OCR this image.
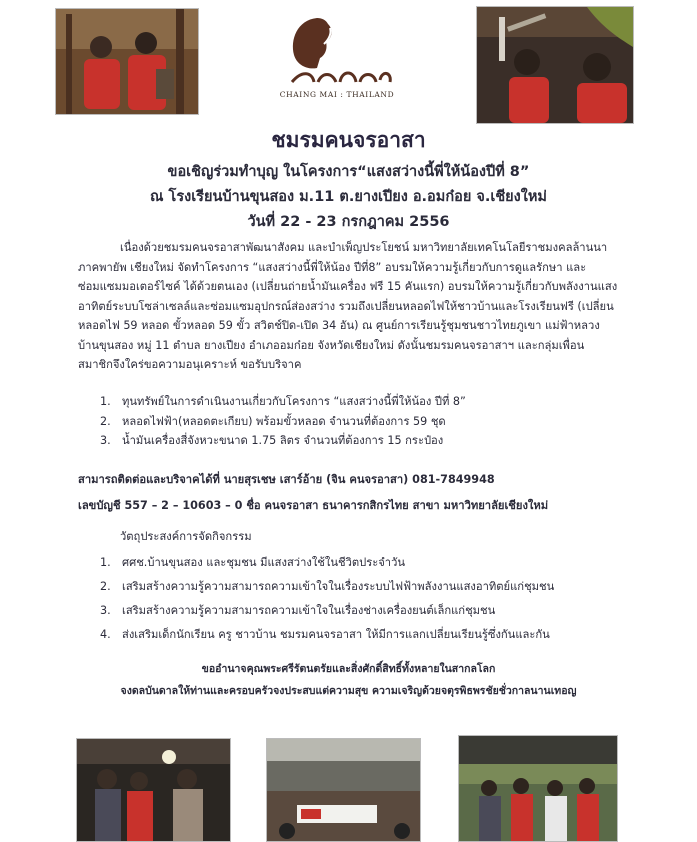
CHAING MAI : THAILAND
ชมรมคนจรอาสา
ขอเชิญร่วมทำบุญ ในโครงการ“แสงสว่างนี้พี่ให้น้องปีที่ 8”
ณ โรงเรียนบ้านขุนสอง ม.11 ต.ยางเปียง อ.อมก๋อย จ.เชียงใหม่
วันที่ 22 - 23 กรกฎาคม 2556
เนื่องด้วยชมรมคนจรอาสาพัฒนาสังคม และบำเพ็ญประโยชน์ มหาวิทยาลัยเทคโนโลยีราชมงคลล้านนา ภาคพายัพ เชียงใหม่ จัดทำโครงการ “แสงสว่างนี้พี่ให้น้อง ปีที่8” อบรมให้ความรู้เกี่ยวกับการดูแลรักษา และซ่อมแซมมอเตอร์ไซค์ ได้ด้วยตนเอง (เปลี่ยนถ่ายน้ำมันเครื่อง ฟรี 15 คันแรก) อบรมให้ความรู้เกี่ยวกับพลังงานแสงอาทิตย์ระบบโซล่าเซลล์และซ่อมแซมอุปกรณ์ส่องสว่าง รวมถึงเปลี่ยนหลอดไฟให้ชาวบ้านและโรงเรียนฟรี (เปลี่ยนหลอดไฟ 59 หลอด ขั้วหลอด 59 ขั้ว สวิตช์ปิด-เปิด 34 อัน) ณ ศูนย์การเรียนรู้ชุมชนชาวไทยภูเขา แม่ฟ้าหลวง บ้านขุนสอง หมู่ 11 ตำบล ยางเปียง อำเภออมก๋อย จังหวัดเชียงใหม่ ดังนั้นชมรมคนจรอาสาฯ และกลุ่มเพื่อนสมาชิกจึงใคร่ขอความอนุเคราะห์ ขอรับบริจาค
1. ทุนทรัพย์ในการดำเนินงานเกี่ยวกับโครงการ “แสงสว่างนี้พี่ให้น้อง ปีที่ 8”
2. หลอดไฟฟ้า(หลอดตะเกียบ) พร้อมขั้วหลอด จำนวนที่ต้องการ 59 ชุด
3. น้ำมันเครื่องสี่จังหวะขนาด 1.75 ลิตร จำนวนที่ต้องการ 15 กระป๋อง
สามารถติดต่อและบริจาคได้ที่ นายสุรเชษ เสาร์อ้าย (จิน คนจรอาสา) 081-7849948
เลขบัญชี 557 – 2 – 10603 – 0 ชื่อ คนจรอาสา ธนาคารกสิกรไทย สาขา มหาวิทยาลัยเชียงใหม่
วัตถุประสงค์การจัดกิจกรรม
1. ศศช.บ้านขุนสอง และชุมชน มีแสงสว่างใช้ในชีวิตประจำวัน
2. เสริมสร้างความรู้ความสามารถความเข้าใจในเรื่องระบบไฟฟ้าพลังงานแสงอาทิตย์แก่ชุมชน
3. เสริมสร้างความรู้ความสามารถความเข้าใจในเรื่องช่างเครื่องยนต์เล็กแก่ชุมชน
4. ส่งเสริมเด็กนักเรียน ครู ชาวบ้าน ชมรมคนจรอาสา ให้มีการแลกเปลี่ยนเรียนรู้ซึ่งกันและกัน
ขออำนาจคุณพระศรีรัตนตรัยและสิ่งศักดิ์สิทธิ์ทั้งหลายในสากลโลก
จงดลบันดาลให้ท่านและครอบครัวจงประสบแต่ความสุข ความเจริญด้วยจตุรพิธพรชัยชั่วกาลนานเทอญ
